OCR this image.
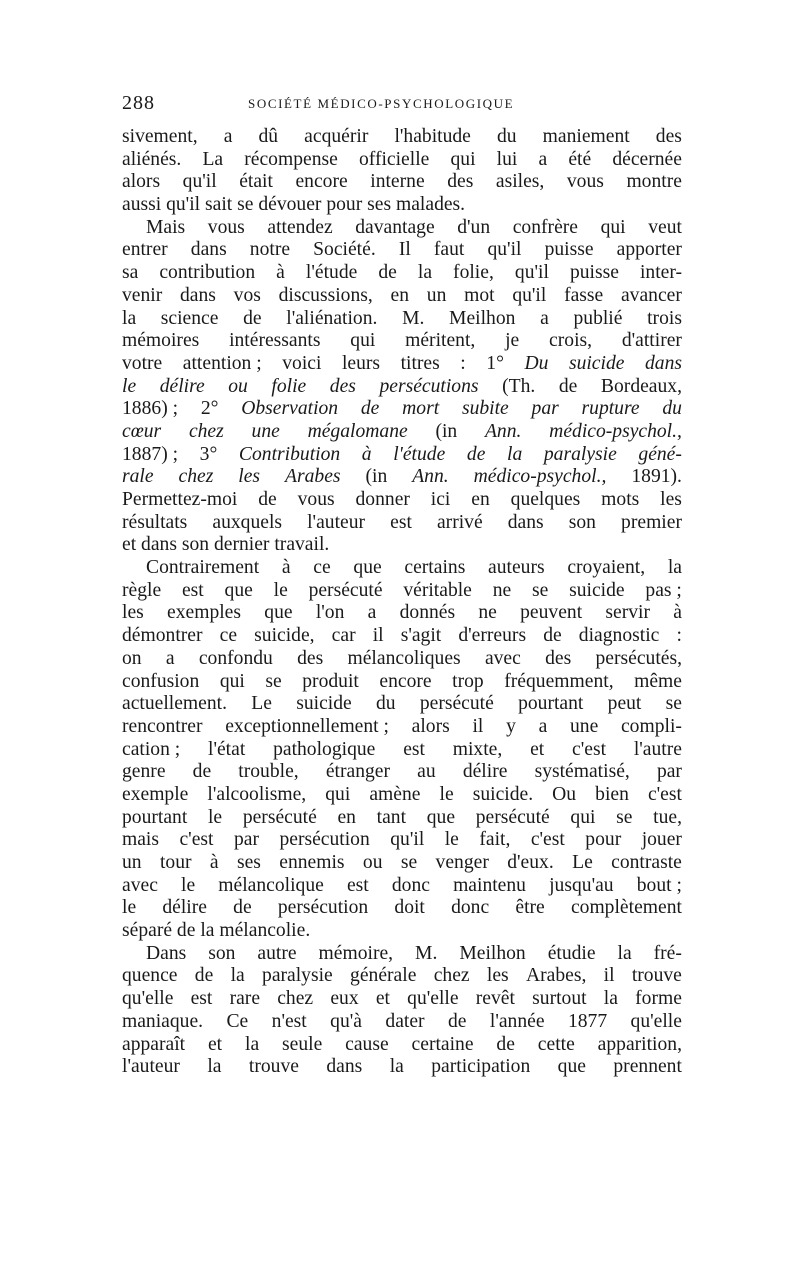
288	SOCIÉTÉ MÉDICO-PSYCHOLOGIQUE
sivement, a dû acquérir l'habitude du maniement des
aliénés. La récompense officielle qui lui a été décernée
alors qu'il était encore interne des asiles, vous montre
aussi qu'il sait se dévouer pour ses malades.
Mais vous attendez davantage d'un confrère qui veut
entrer dans notre Société. Il faut qu'il puisse apporter
sa contribution à l'étude de la folie, qu'il puisse inter-
venir dans vos discussions, en un mot qu'il fasse avancer
la science de l'aliénation. M. Meilhon a publié trois
mémoires intéressants qui méritent, je crois, d'attirer
votre attention ; voici leurs titres : 1° Du suicide dans
le délire ou folie des persécutions (Th. de Bordeaux,
1886) ; 2° Observation de mort subite par rupture du
cœur chez une mégalomane (in Ann. médico-psychol.,
1887) ; 3° Contribution à l'étude de la paralysie géné-
rale chez les Arabes (in Ann. médico-psychol., 1891).
Permettez-moi de vous donner ici en quelques mots les
résultats auxquels l'auteur est arrivé dans son premier
et dans son dernier travail.
Contrairement à ce que certains auteurs croyaient, la
règle est que le persécuté véritable ne se suicide pas ;
les exemples que l'on a donnés ne peuvent servir à
démontrer ce suicide, car il s'agit d'erreurs de diagnostic :
on a confondu des mélancoliques avec des persécutés,
confusion qui se produit encore trop fréquemment, même
actuellement. Le suicide du persécuté pourtant peut se
rencontrer exceptionnellement ; alors il y a une compli-
cation ; l'état pathologique est mixte, et c'est l'autre
genre de trouble, étranger au délire systématisé, par
exemple l'alcoolisme, qui amène le suicide. Ou bien c'est
pourtant le persécuté en tant que persécuté qui se tue,
mais c'est par persécution qu'il le fait, c'est pour jouer
un tour à ses ennemis ou se venger d'eux. Le contraste
avec le mélancolique est donc maintenu jusqu'au bout ;
le délire de persécution doit donc être complètement
séparé de la mélancolie.
Dans son autre mémoire, M. Meilhon étudie la fré-
quence de la paralysie générale chez les Arabes, il trouve
qu'elle est rare chez eux et qu'elle revêt surtout la forme
maniaque. Ce n'est qu'à dater de l'année 1877 qu'elle
apparaît et la seule cause certaine de cette apparition,
l'auteur la trouve dans la participation que prennent
